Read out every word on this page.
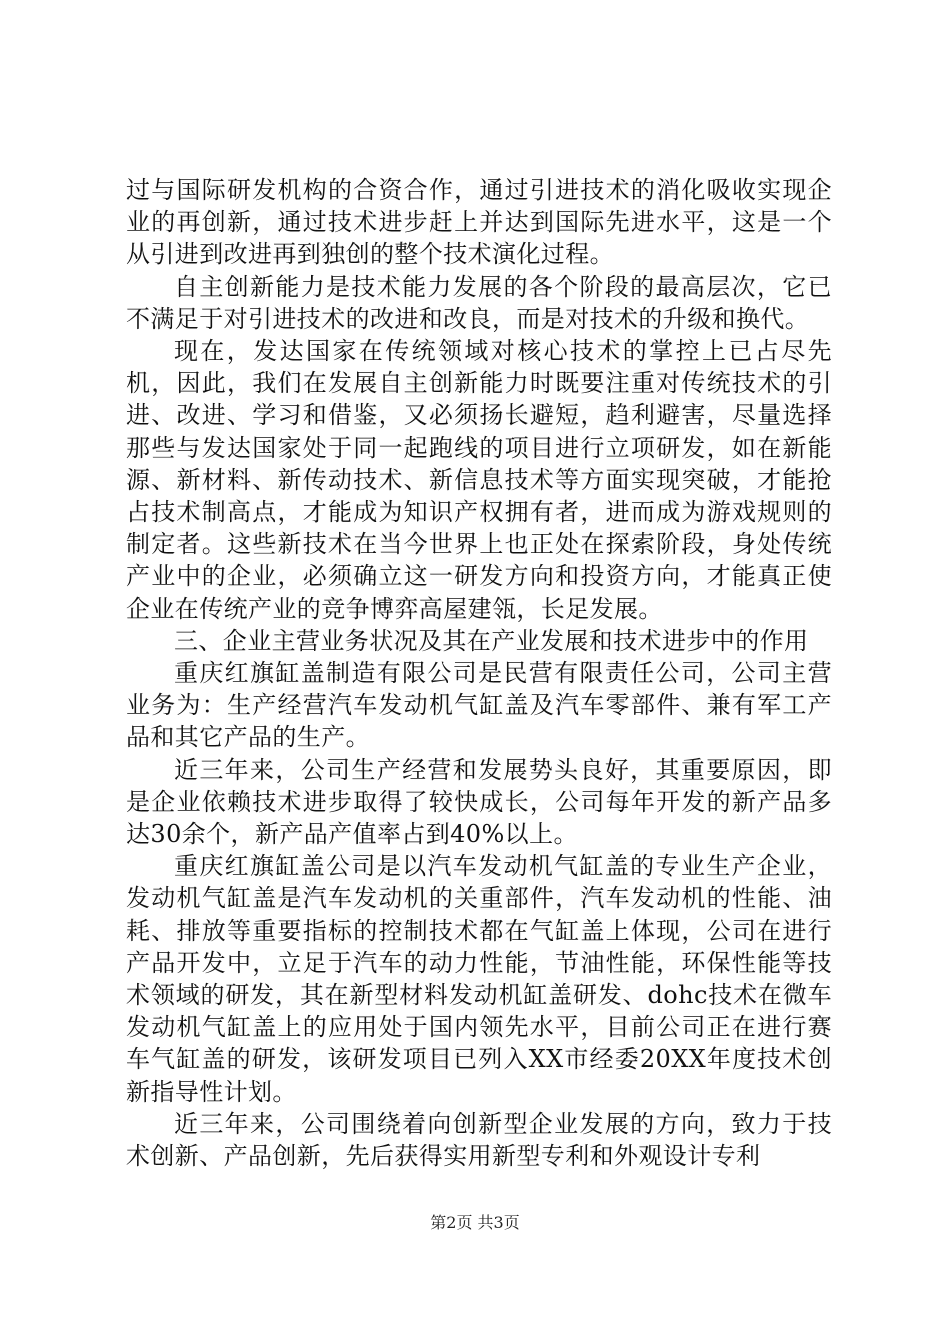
过与国际研发机构的合资合作，通过引进技术的消化吸收实现企业的再创新，通过技术进步赶上并达到国际先进水平，这是一个从引进到改进再到独创的整个技术演化过程。

自主创新能力是技术能力发展的各个阶段的最高层次，它已不满足于对引进技术的改进和改良，而是对技术的升级和换代。

现在，发达国家在传统领域对核心技术的掌控上已占尽先机，因此，我们在发展自主创新能力时既要注重对传统技术的引进、改进、学习和借鉴，又必须扬长避短，趋利避害，尽量选择那些与发达国家处于同一起跑线的项目进行立项研发，如在新能源、新材料、新传动技术、新信息技术等方面实现突破，才能抢占技术制高点，才能成为知识产权拥有者，进而成为游戏规则的制定者。这些新技术在当今世界上也正处在探索阶段，身处传统产业中的企业，必须确立这一研发方向和投资方向，才能真正使企业在传统产业的竞争博弈高屋建瓴，长足发展。

三、企业主营业务状况及其在产业发展和技术进步中的作用

重庆红旗缸盖制造有限公司是民营有限责任公司，公司主营业务为：生产经营汽车发动机气缸盖及汽车零部件、兼有军工产品和其它产品的生产。

近三年来，公司生产经营和发展势头良好，其重要原因，即是企业依赖技术进步取得了较快成长，公司每年开发的新产品多达30余个，新产品产值率占到40%以上。

重庆红旗缸盖公司是以汽车发动机气缸盖的专业生产企业，发动机气缸盖是汽车发动机的关重部件，汽车发动机的性能、油耗、排放等重要指标的控制技术都在气缸盖上体现，公司在进行产品开发中，立足于汽车的动力性能，节油性能，环保性能等技术领域的研发，其在新型材料发动机缸盖研发、dohc技术在微车发动机气缸盖上的应用处于国内领先水平，目前公司正在进行赛车气缸盖的研发，该研发项目已列入XX市经委20XX年度技术创新指导性计划。

近三年来，公司围绕着向创新型企业发展的方向，致力于技术创新、产品创新，先后获得实用新型专利和外观设计专利

第2页 共3页
